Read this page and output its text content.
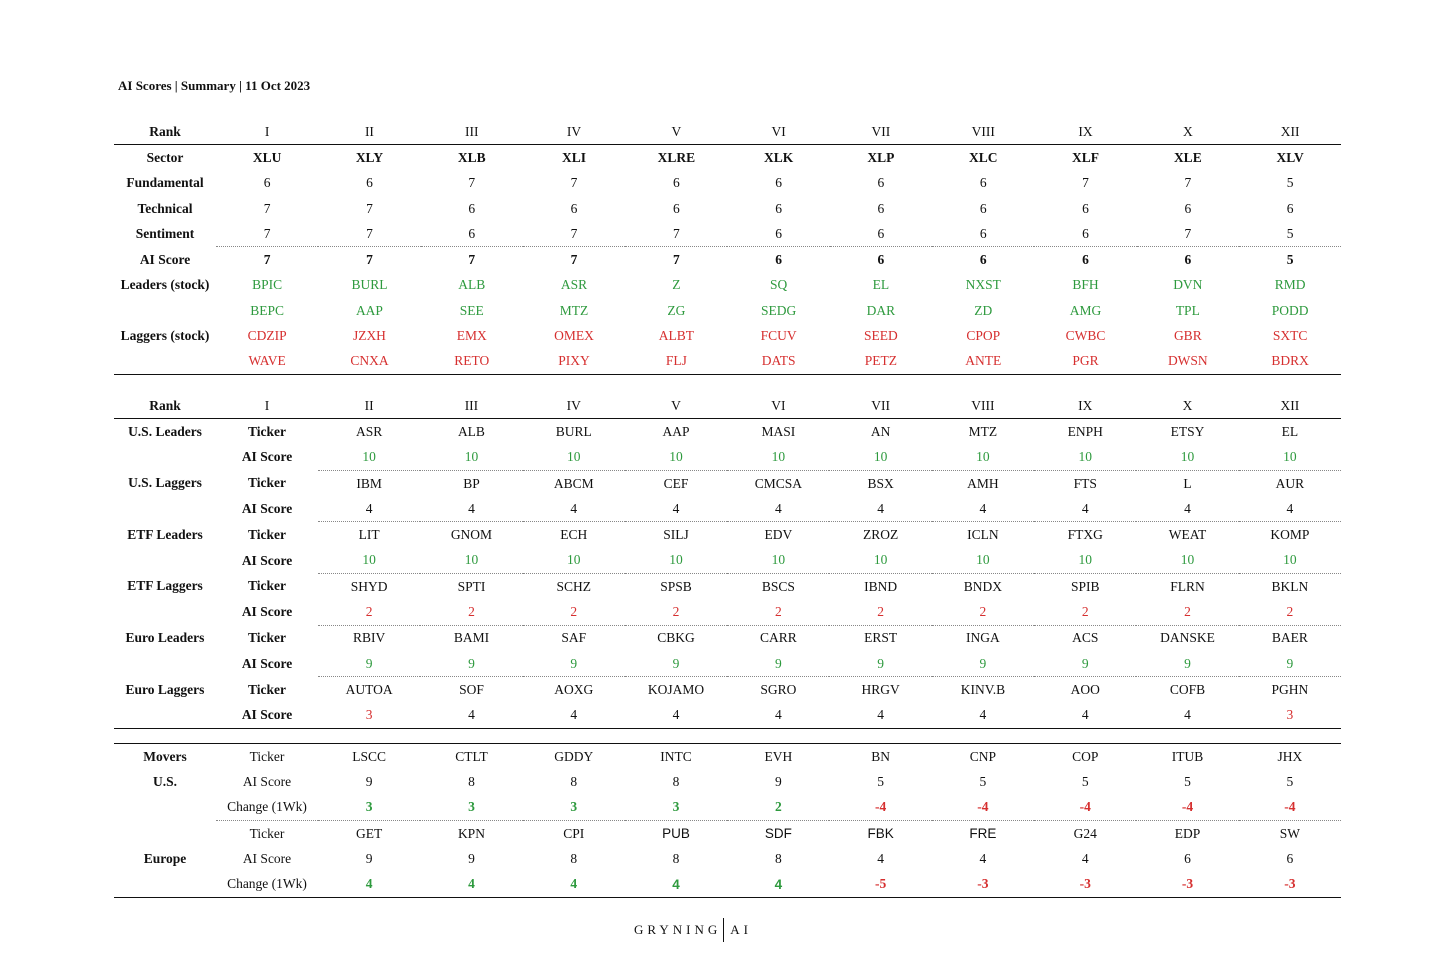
AI Scores | Summary | 11 Oct 2023
Rank	I	II	III	IV	V	VI	VII	VIII	IX	X	XII
Sector	XLU	XLY	XLB	XLI	XLRE	XLK	XLP	XLC	XLF	XLE	XLV
Fundamental	6	6	7	7	6	6	6	6	7	7	5
Technical	7	7	6	6	6	6	6	6	6	6	6
Sentiment	7	7	6	7	7	6	6	6	6	7	5
AI Score	7	7	7	7	7	6	6	6	6	6	5
Leaders (stock)	BPIC	BURL	ALB	ASR	Z	SQ	EL	NXST	BFH	DVN	RMD
	BEPC	AAP	SEE	MTZ	ZG	SEDG	DAR	ZD	AMG	TPL	PODD
Laggers (stock)	CDZIP	JZXH	EMX	OMEX	ALBT	FCUV	SEED	CPOP	CWBC	GBR	SXTC
	WAVE	CNXA	RETO	PIXY	FLJ	DATS	PETZ	ANTE	PGR	DWSN	BDRX
Rank	I	II	III	IV	V	VI	VII	VIII	IX	X	XII
U.S. Leaders	Ticker	ASR	ALB	BURL	AAP	MASI	AN	MTZ	ENPH	ETSY	EL
	AI Score	10	10	10	10	10	10	10	10	10	10
U.S. Laggers	Ticker	IBM	BP	ABCM	CEF	CMCSA	BSX	AMH	FTS	L	AUR
	AI Score	4	4	4	4	4	4	4	4	4	4
ETF Leaders	Ticker	LIT	GNOM	ECH	SILJ	EDV	ZROZ	ICLN	FTXG	WEAT	KOMP
	AI Score	10	10	10	10	10	10	10	10	10	10
ETF Laggers	Ticker	SHYD	SPTI	SCHZ	SPSB	BSCS	IBND	BNDX	SPIB	FLRN	BKLN
	AI Score	2	2	2	2	2	2	2	2	2	2
Euro Leaders	Ticker	RBIV	BAMI	SAF	CBKG	CARR	ERST	INGA	ACS	DANSKE	BAER
	AI Score	9	9	9	9	9	9	9	9	9	9
Euro Laggers	Ticker	AUTOA	SOF	AOXG	KOJAMO	SGRO	HRGV	KINV.B	AOO	COFB	PGHN
	AI Score	3	4	4	4	4	4	4	4	4	3
Movers	Ticker	LSCC	CTLT	GDDY	INTC	EVH	BN	CNP	COP	ITUB	JHX
U.S.	AI Score	9	8	8	8	9	5	5	5	5	5
	Change (1Wk)	3	3	3	3	2	-4	-4	-4	-4	-4
	Ticker	GET	KPN	CPI	PUB	SDF	FBK	FRE	G24	EDP	SW
Europe	AI Score	9	9	8	8	8	4	4	4	6	6
	Change (1Wk)	4	4	4	4	4	-5	-3	-3	-3	-3
GRYNING AI
